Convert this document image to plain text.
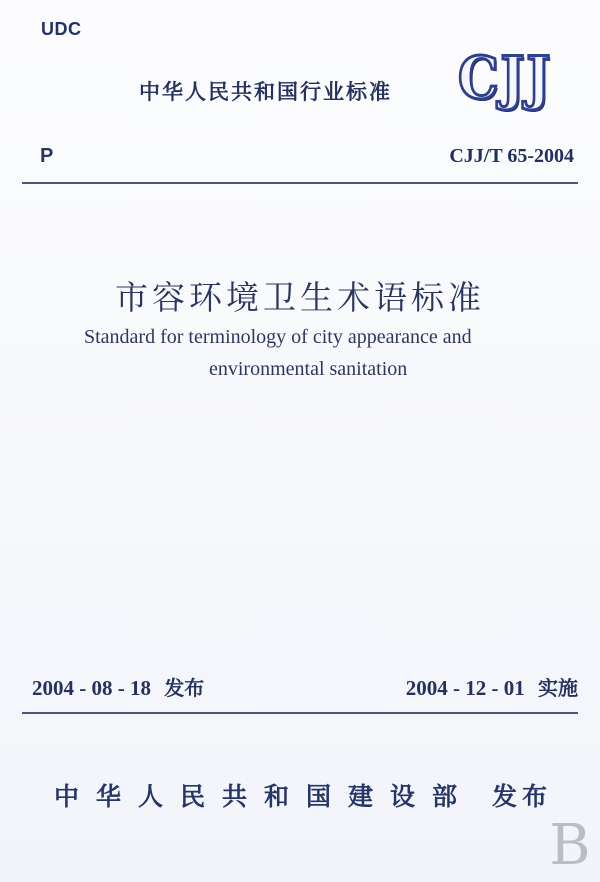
UDC
中华人民共和国行业标准 CJJ
P	CJJ/T 65-2004
市容环境卫生术语标准
Standard for terminology of city appearance and
environmental sanitation
2004 - 08 - 18 发布	2004 - 12 - 01 实施
中华人民共和国建设部 发布
B
